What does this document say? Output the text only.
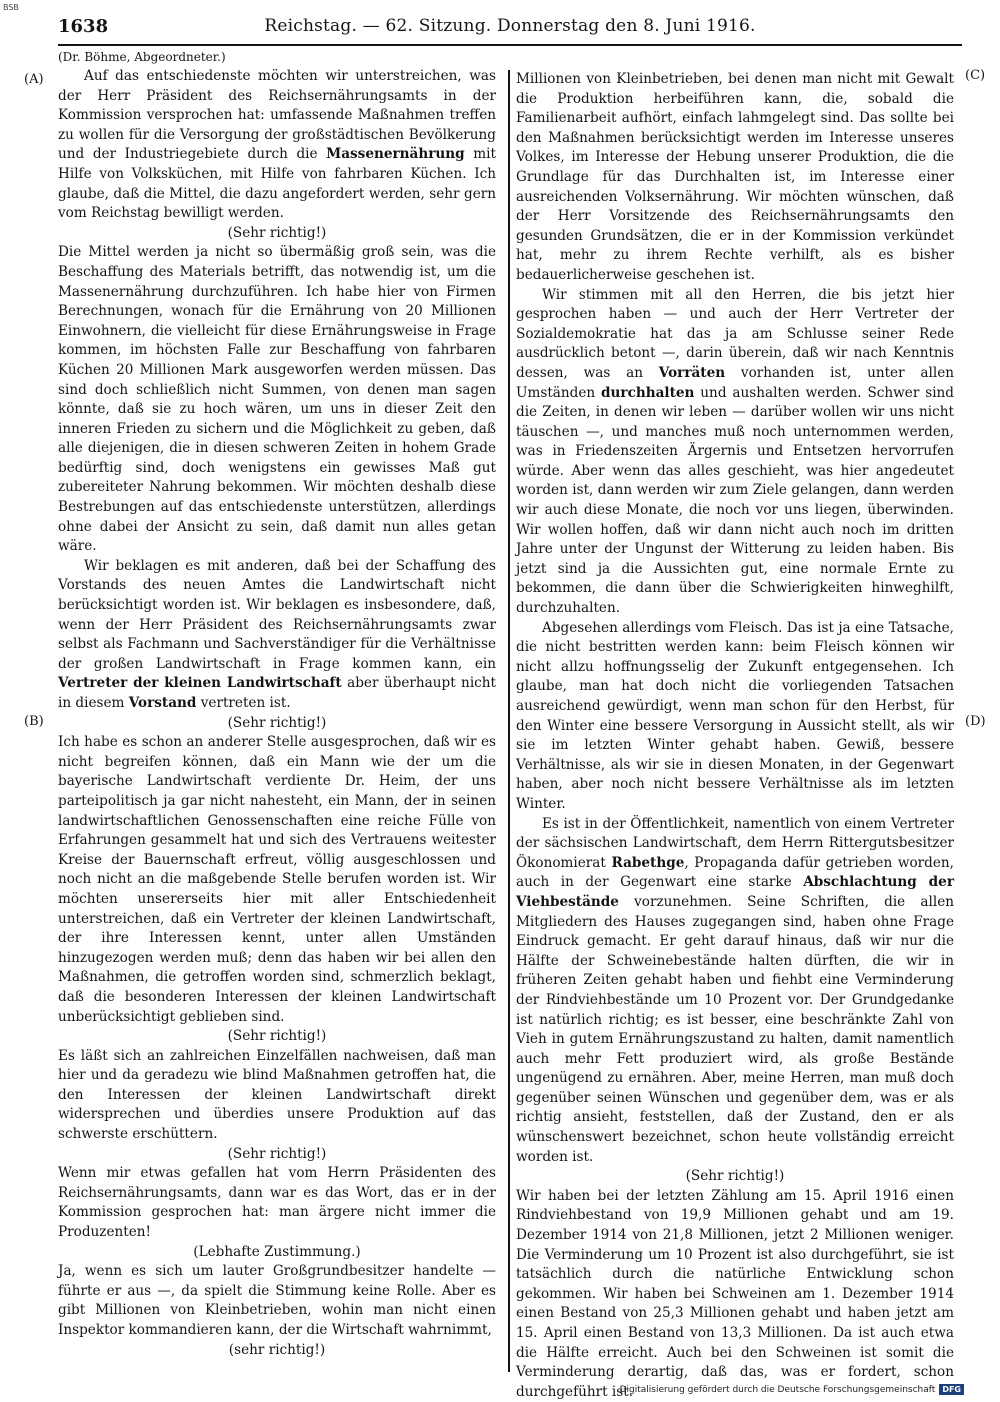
BSB
1638	Reichstag. — 62. Sitzung. Donnerstag den 8. Juni 1916.
(A)
(B)
(C)
(D)

(Dr. Böhme, Abgeordneter.)

Auf das entschiedenste möchten wir unterstreichen, was der Herr Präsident des Reichsernährungsamts in der Kommission versprochen hat: umfassende Maßnahmen treffen zu wollen für die Versorgung der großstädtischen Bevölkerung und der Industriegebiete durch die Massenernährung mit Hilfe von Volksküchen, mit Hilfe von fahrbaren Küchen. Ich glaube, daß die Mittel, die dazu angefordert werden, sehr gern vom Reichstag bewilligt werden.

(Sehr richtig!)

Die Mittel werden ja nicht so übermäßig groß sein, was die Beschaffung des Materials betrifft, das notwendig ist, um die Massenernährung durchzuführen. Ich habe hier von Firmen Berechnungen, wonach für die Ernährung von 20 Millionen Einwohnern, die vielleicht für diese Ernährungsweise in Frage kommen, im höchsten Falle zur Beschaffung von fahrbaren Küchen 20 Millionen Mark ausgeworfen werden müssen. Das sind doch schließlich nicht Summen, von denen man sagen könnte, daß sie zu hoch wären, um uns in dieser Zeit den inneren Frieden zu sichern und die Möglichkeit zu geben, daß alle diejenigen, die in diesen schweren Zeiten in hohem Grade bedürftig sind, doch wenigstens ein gewisses Maß gut zubereiteter Nahrung bekommen. Wir möchten deshalb diese Bestrebungen auf das entschiedenste unterstützen, allerdings ohne dabei der Ansicht zu sein, daß damit nun alles getan wäre.

Wir beklagen es mit anderen, daß bei der Schaffung des Vorstands des neuen Amtes die Landwirtschaft nicht berücksichtigt worden ist. Wir beklagen es insbesondere, daß, wenn der Herr Präsident des Reichsernährungsamts zwar selbst als Fachmann und Sachverständiger für die Verhältnisse der großen Landwirtschaft in Frage kommen kann, ein Vertreter der kleinen Landwirtschaft aber überhaupt nicht in diesem Vorstand vertreten ist.

(Sehr richtig!)

Ich habe es schon an anderer Stelle ausgesprochen, daß wir es nicht begreifen können, daß ein Mann wie der um die bayerische Landwirtschaft verdiente Dr. Heim, der uns parteipolitisch ja gar nicht nahesteht, ein Mann, der in seinen landwirtschaftlichen Genossenschaften eine reiche Fülle von Erfahrungen gesammelt hat und sich des Vertrauens weitester Kreise der Bauernschaft erfreut, völlig ausgeschlossen und noch nicht an die maßgebende Stelle berufen worden ist. Wir möchten unsererseits hier mit aller Entschiedenheit unterstreichen, daß ein Vertreter der kleinen Landwirtschaft, der ihre Interessen kennt, unter allen Umständen hinzugezogen werden muß; denn das haben wir bei allen den Maßnahmen, die getroffen worden sind, schmerzlich beklagt, daß die besonderen Interessen der kleinen Landwirtschaft unberücksichtigt geblieben sind.

(Sehr richtig!)

Es läßt sich an zahlreichen Einzelfällen nachweisen, daß man hier und da geradezu wie blind Maßnahmen getroffen hat, die den Interessen der kleinen Landwirtschaft direkt widersprechen und überdies unsere Produktion auf das schwerste erschüttern.

(Sehr richtig!)

Wenn mir etwas gefallen hat vom Herrn Präsidenten des Reichsernährungsamts, dann war es das Wort, das er in der Kommission gesprochen hat: man ärgere nicht immer die Produzenten!

(Lebhafte Zustimmung.)

Ja, wenn es sich um lauter Großgrundbesitzer handelte — führte er aus —, da spielt die Stimmung keine Rolle. Aber es gibt Millionen von Kleinbetrieben, wohin man nicht einen Inspektor kommandieren kann, der die Wirtschaft wahrnimmt,

(sehr richtig!)

Millionen von Kleinbetrieben, bei denen man nicht mit Gewalt die Produktion herbeiführen kann, die, sobald die Familienarbeit aufhört, einfach lahmgelegt sind. Das sollte bei den Maßnahmen berücksichtigt werden im Interesse unseres Volkes, im Interesse der Hebung unserer Produktion, die die Grundlage für das Durchhalten ist, im Interesse einer ausreichenden Volksernährung. Wir möchten wünschen, daß der Herr Vorsitzende des Reichsernährungsamts den gesunden Grundsätzen, die er in der Kommission verkündet hat, mehr zu ihrem Rechte verhilft, als es bisher bedauerlicherweise geschehen ist.

Wir stimmen mit all den Herren, die bis jetzt hier gesprochen haben — und auch der Herr Vertreter der Sozialdemokratie hat das ja am Schlusse seiner Rede ausdrücklich betont —, darin überein, daß wir nach Kenntnis dessen, was an Vorräten vorhanden ist, unter allen Umständen durchhalten und aushalten werden. Schwer sind die Zeiten, in denen wir leben — darüber wollen wir uns nicht täuschen —, und manches muß noch unternommen werden, was in Friedenszeiten Ärgernis und Entsetzen hervorrufen würde. Aber wenn das alles geschieht, was hier angedeutet worden ist, dann werden wir zum Ziele gelangen, dann werden wir auch diese Monate, die noch vor uns liegen, überwinden. Wir wollen hoffen, daß wir dann nicht auch noch im dritten Jahre unter der Ungunst der Witterung zu leiden haben. Bis jetzt sind ja die Aussichten gut, eine normale Ernte zu bekommen, die dann über die Schwierigkeiten hinweghilft, durchzuhalten.

Abgesehen allerdings vom Fleisch. Das ist ja eine Tatsache, die nicht bestritten werden kann: beim Fleisch können wir nicht allzu hoffnungsselig der Zukunft entgegensehen. Ich glaube, man hat doch nicht die vorliegenden Tatsachen ausreichend gewürdigt, wenn man schon für den Herbst, für den Winter eine bessere Versorgung in Aussicht stellt, als wir sie im letzten Winter gehabt haben. Gewiß, bessere Verhältnisse, als wir sie in diesen Monaten, in der Gegenwart haben, aber noch nicht bessere Verhältnisse als im letzten Winter.

Es ist in der Öffentlichkeit, namentlich von einem Vertreter der sächsischen Landwirtschaft, dem Herrn Rittergutsbesitzer Ökonomierat Rabethge, Propaganda dafür getrieben worden, auch in der Gegenwart eine starke Abschlachtung der Viehbestände vorzunehmen. Seine Schriften, die allen Mitgliedern des Hauses zugegangen sind, haben ohne Frage Eindruck gemacht. Er geht darauf hinaus, daß wir nur die Hälfte der Schweinebestände halten dürften, die wir in früheren Zeiten gehabt haben und fiehbt eine Verminderung der Rindviehbestände um 10 Prozent vor. Der Grundgedanke ist natürlich richtig; es ist besser, eine beschränkte Zahl von Vieh in gutem Ernährungszustand zu halten, damit namentlich auch mehr Fett produziert wird, als große Bestände ungenügend zu ernähren. Aber, meine Herren, man muß doch gegenüber seinen Wünschen und gegenüber dem, was er als richtig ansieht, feststellen, daß der Zustand, den er als wünschenswert bezeichnet, schon heute vollständig erreicht worden ist.

(Sehr richtig!)

Wir haben bei der letzten Zählung am 15. April 1916 einen Rindviehbestand von 19,9 Millionen gehabt und am 19. Dezember 1914 von 21,8 Millionen, jetzt 2 Millionen weniger. Die Verminderung um 10 Prozent ist also durchgeführt, sie ist tatsächlich durch die natürliche Entwicklung schon gekommen. Wir haben bei Schweinen am 1. Dezember 1914 einen Bestand von 25,3 Millionen gehabt und haben jetzt am 15. April einen Bestand von 13,3 Millionen. Da ist auch etwa die Hälfte erreicht. Auch bei den Schweinen ist somit die Verminderung derartig, daß das, was er fordert, schon durchgeführt ist.

Digitalisierung gefördert durch die Deutsche Forschungsgemeinschaft DFG
